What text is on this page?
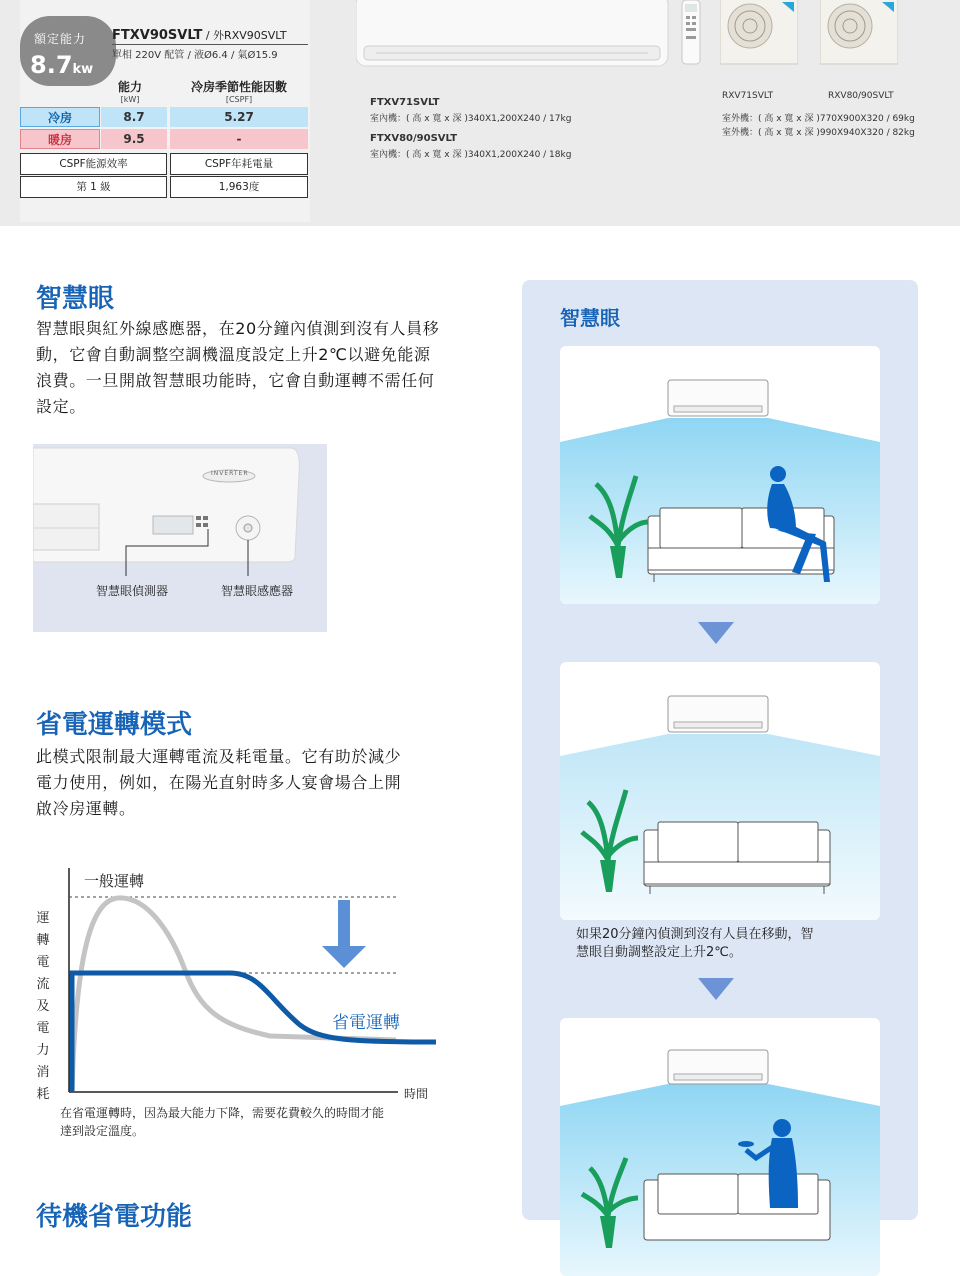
額定能力
8.7kw
FTXV90SVLT / 外RXV90SVLT
單相 220V 配管 / 液Ø6.4 / 氣Ø15.9
能力
[kW]
冷房季節性能因數
[CSPF]
冷房	8.7	5.27
暖房	9.5	-
CSPF能源效率	CSPF年耗電量
第 1 級	1,963度
FTXV71SVLT
室內機：( 高 x 寬 x 深 )340X1,200X240 / 17kg
FTXV80/90SVLT
室內機：( 高 x 寬 x 深 )340X1,200X240 / 18kg
RXV71SVLT	RXV80/90SVLT
室外機：( 高 x 寬 x 深 )770X900X320 / 69kg
室外機：( 高 x 寬 x 深 )990X940X320 / 82kg
智慧眼
智慧眼與紅外線感應器，在20分鐘內偵測到沒有人員移
動，它會自動調整空調機溫度設定上升2℃以避免能源
浪費。一旦開啟智慧眼功能時，它會自動運轉不需任何
設定。
INVERTER
智慧眼偵測器	智慧眼感應器
省電運轉模式
此模式限制最大運轉電流及耗電量。它有助於減少
電力使用，例如，在陽光直射時多人宴會場合上開
啟冷房運轉。
運
轉
電
流
及
電
力
消
耗
一般運轉
省電運轉
時間
在省電運轉時，因為最大能力下降，需要花費較久的時間才能
達到設定溫度。
待機省電功能
智慧眼
如果20分鐘內偵測到沒有人員在移動，智
慧眼自動調整設定上升2℃。
